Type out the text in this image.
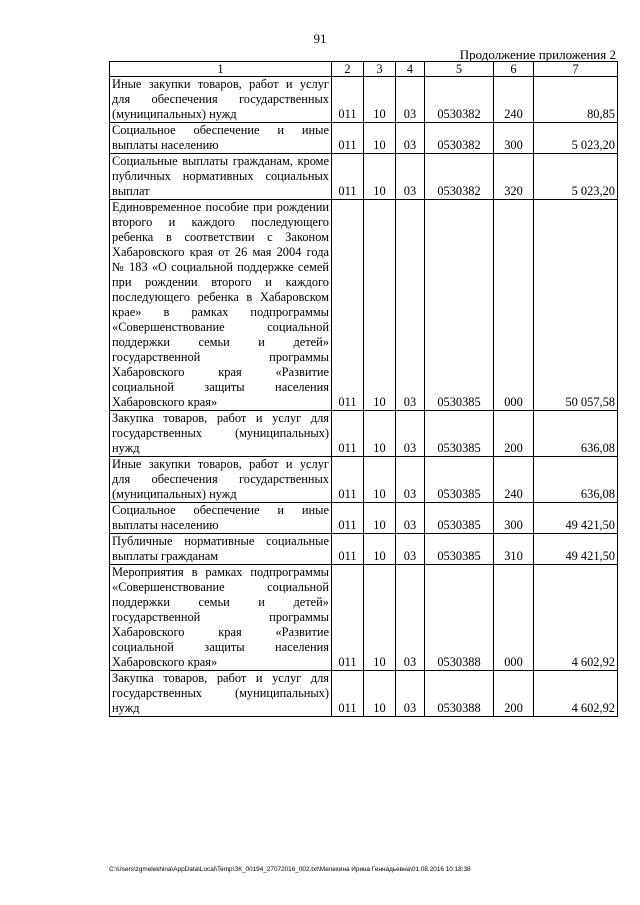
91
Продолжение приложения 2
1	2	3	4	5	6	7
Иные закупки товаров, работ и услуг для обеспечения государственных (муниципальных) нужд	011	10	03	0530382	240	80,85
Социальное обеспечение и иные выплаты населению	011	10	03	0530382	300	5 023,20
Социальные выплаты гражданам, кроме публичных нормативных социальных выплат	011	10	03	0530382	320	5 023,20
Единовременное пособие при рождении второго и каждого последующего ребенка в соответствии с Законом Хабаровского края от 26 мая 2004 года № 183 «О социальной поддержке семей при рождении второго и каждого последующего ребенка в Хабаровском крае» в рамках подпрограммы «Совершенствование социальной поддержки семьи и детей» государственной программы Хабаровского края «Развитие социальной защиты населения Хабаровского края»	011	10	03	0530385	000	50 057,58
Закупка товаров, работ и услуг для государственных (муниципальных) нужд	011	10	03	0530385	200	636,08
Иные закупки товаров, работ и услуг для обеспечения государственных (муниципальных) нужд	011	10	03	0530385	240	636,08
Социальное обеспечение и иные выплаты населению	011	10	03	0530385	300	49 421,50
Публичные нормативные социальные выплаты гражданам	011	10	03	0530385	310	49 421,50
Мероприятия в рамках подпрограммы «Совершенствование социальной поддержки семьи и детей» государственной программы Хабаровского края «Развитие социальной защиты населения Хабаровского края»	011	10	03	0530388	000	4 602,92
Закупка товаров, работ и услуг для государственных (муниципальных) нужд	011	10	03	0530388	200	4 602,92
C:\Users\zgmelekhina\AppData\Local\Temp\ЗК_00194_27072016_002.txt\Мелехина Ирина Геннадьевна\01.08.2016 10:18:38
